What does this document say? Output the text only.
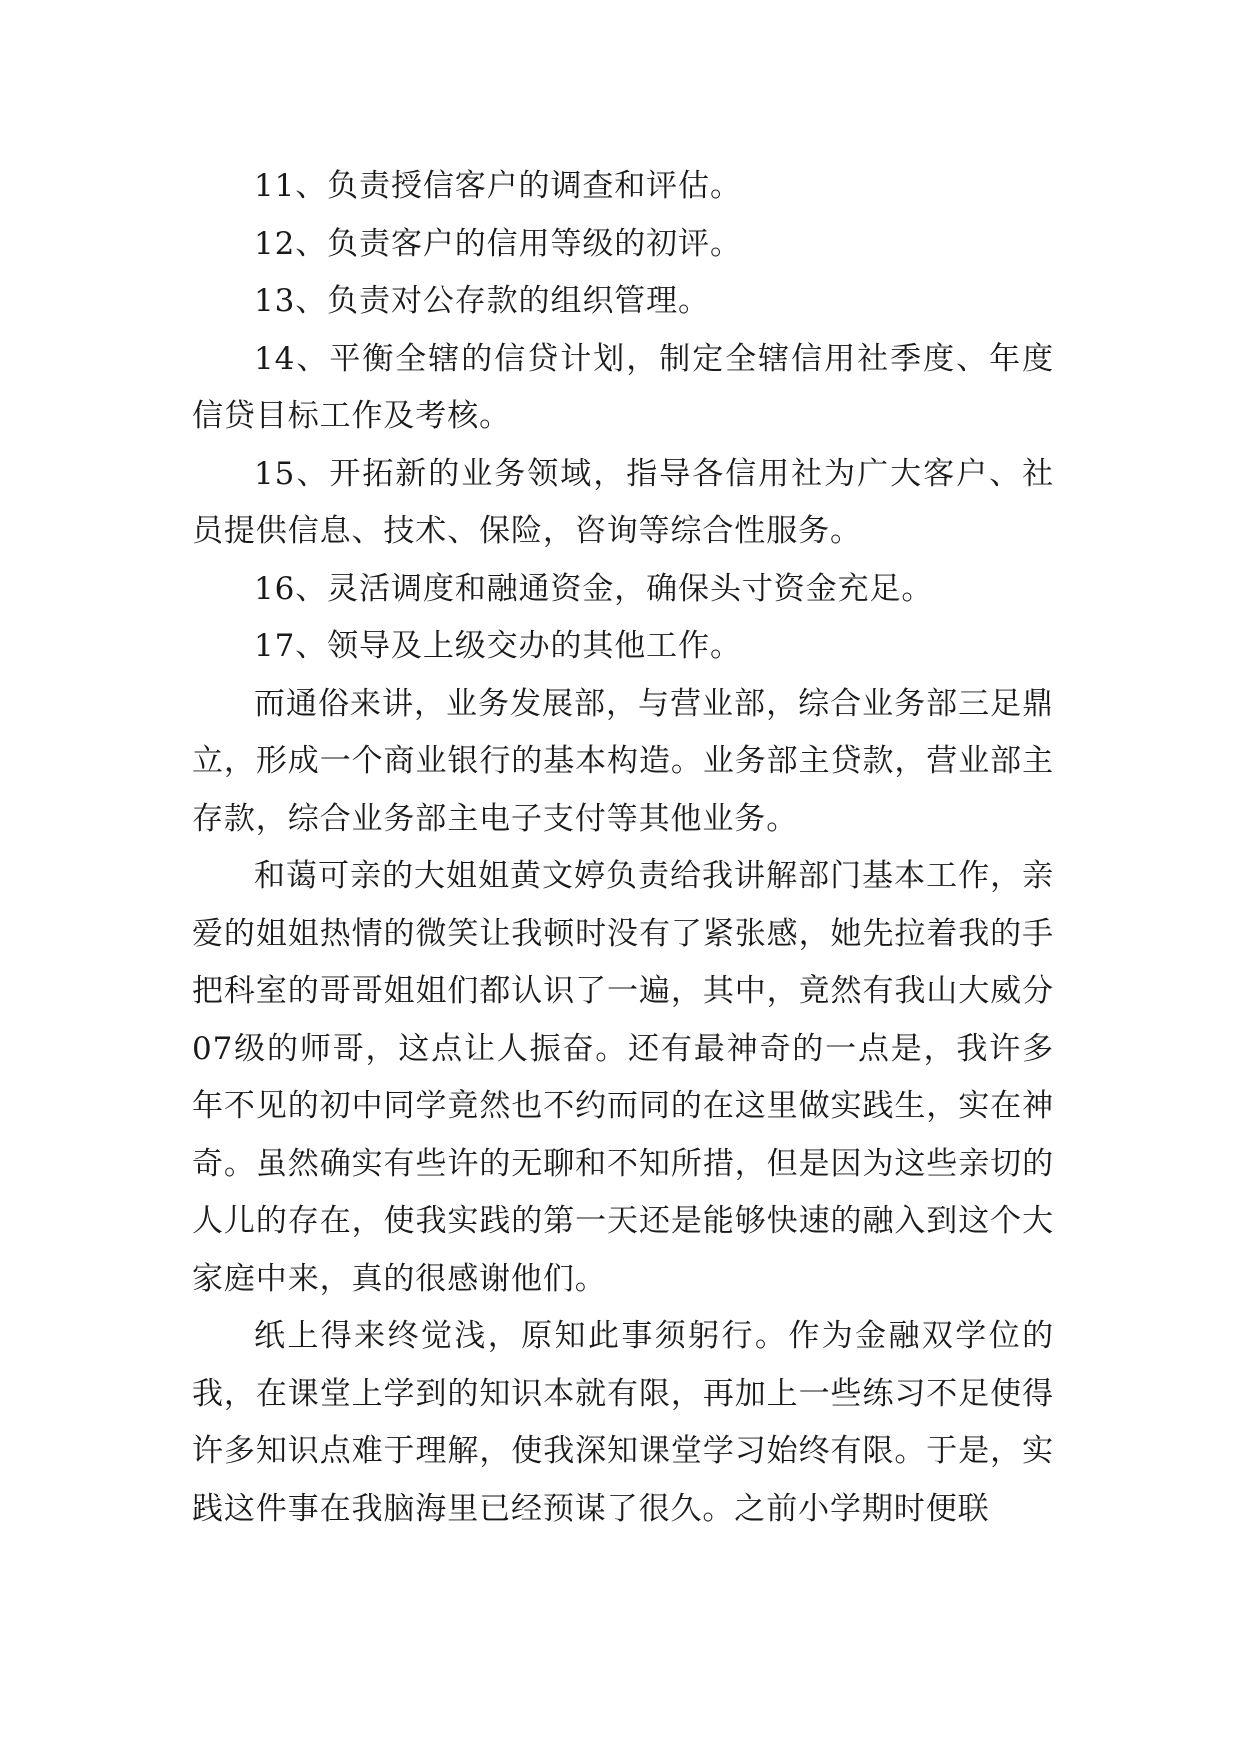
11、负责授信客户的调查和评估。

12、负责客户的信用等级的初评。

13、负责对公存款的组织管理。

14、平衡全辖的信贷计划，制定全辖信用社季度、年度信贷目标工作及考核。

15、开拓新的业务领域，指导各信用社为广大客户、社员提供信息、技术、保险，咨询等综合性服务。

16、灵活调度和融通资金，确保头寸资金充足。

17、领导及上级交办的其他工作。

而通俗来讲，业务发展部，与营业部，综合业务部三足鼎立，形成一个商业银行的基本构造。业务部主贷款，营业部主存款，综合业务部主电子支付等其他业务。

和蔼可亲的大姐姐黄文婷负责给我讲解部门基本工作，亲爱的姐姐热情的微笑让我顿时没有了紧张感，她先拉着我的手把科室的哥哥姐姐们都认识了一遍，其中，竟然有我山大威分07级的师哥，这点让人振奋。还有最神奇的一点是，我许多年不见的初中同学竟然也不约而同的在这里做实践生，实在神奇。虽然确实有些许的无聊和不知所措，但是因为这些亲切的人儿的存在，使我实践的第一天还是能够快速的融入到这个大家庭中来，真的很感谢他们。

纸上得来终觉浅，原知此事须躬行。作为金融双学位的我，在课堂上学到的知识本就有限，再加上一些练习不足使得许多知识点难于理解，使我深知课堂学习始终有限。于是，实践这件事在我脑海里已经预谋了很久。之前小学期时便联
